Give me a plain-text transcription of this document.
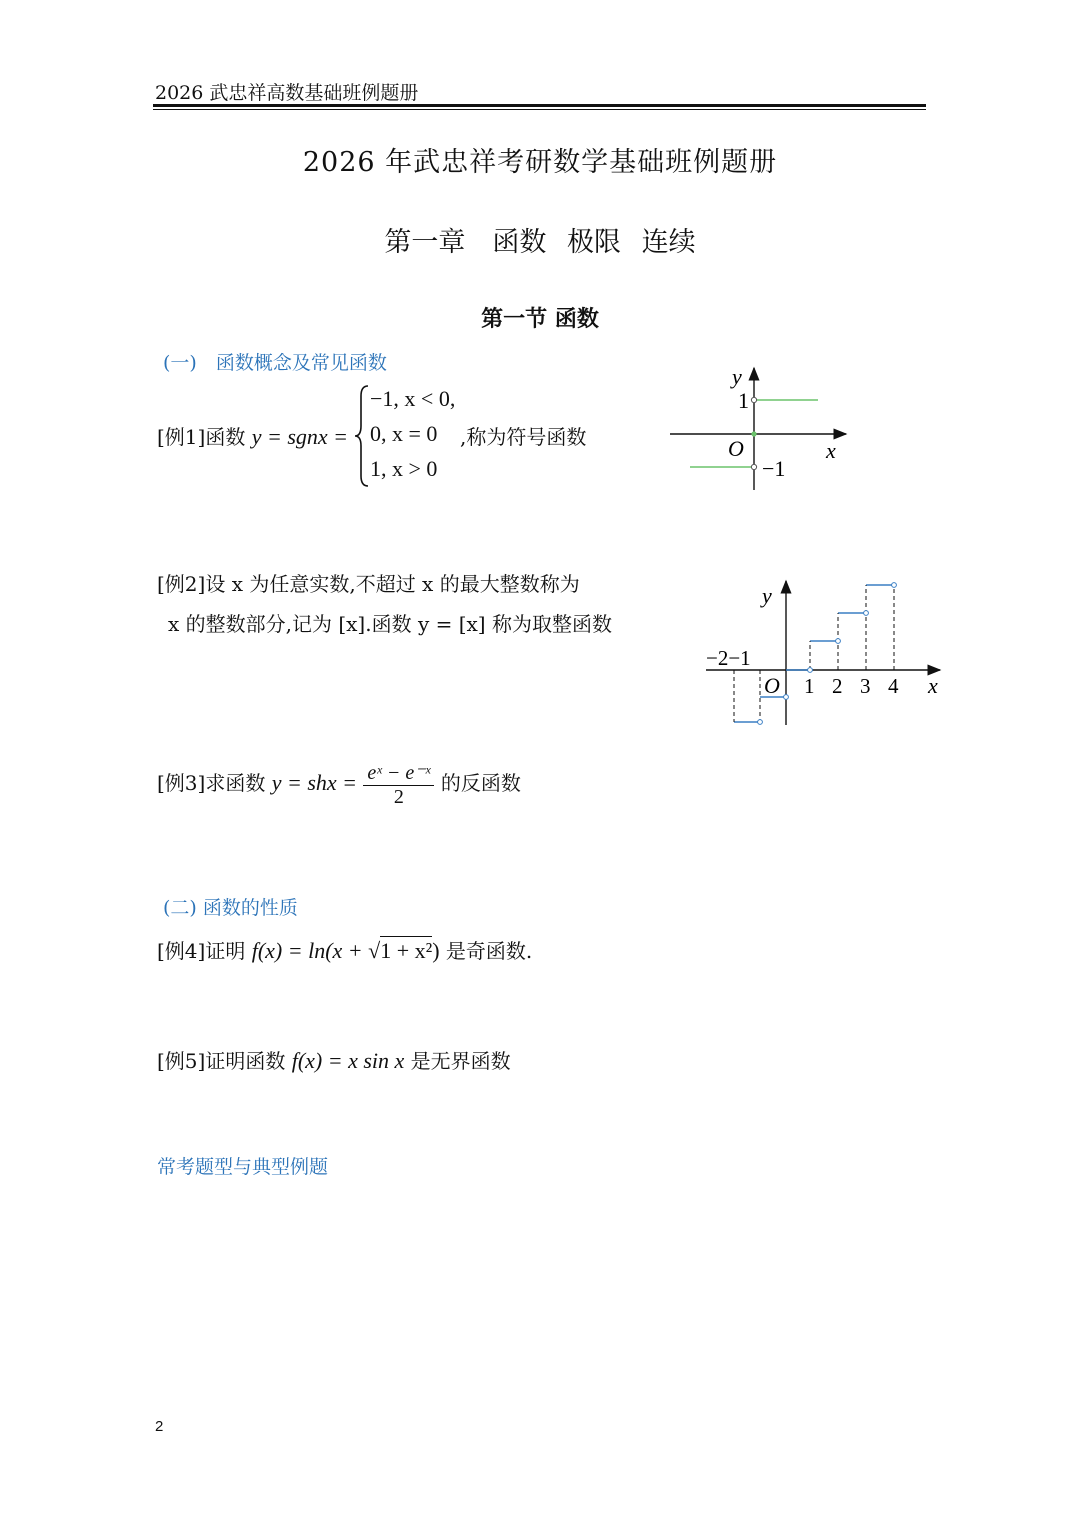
2026 武忠祥高数基础班例题册
2026 年武忠祥考研数学基础班例题册
第一章　函数 极限 连续
第一节 函数
(一)　函数概念及常见函数
[例1]函数 y = sgnx =
−1, x < 0,
0, x = 0
1, x > 0
,称为符号函数
y
x
O
1
−1
[例2]设 x 为任意实数,不超过 x 的最大整数称为
x 的整数部分,记为 [x].函数 y = [x] 称为取整函数
y
x
O
−2−1
1 2 3 4
[例3]求函数 y = shx = $\frac{\text{eˣ − e⁻ˣ}}{2}$ 的反函数
(二) 函数的性质
[例4]证明 f(x) = ln(x + √1 + x²) 是奇函数.
[例5]证明函数 f(x) = x sin x 是无界函数
常考题型与典型例题
2
